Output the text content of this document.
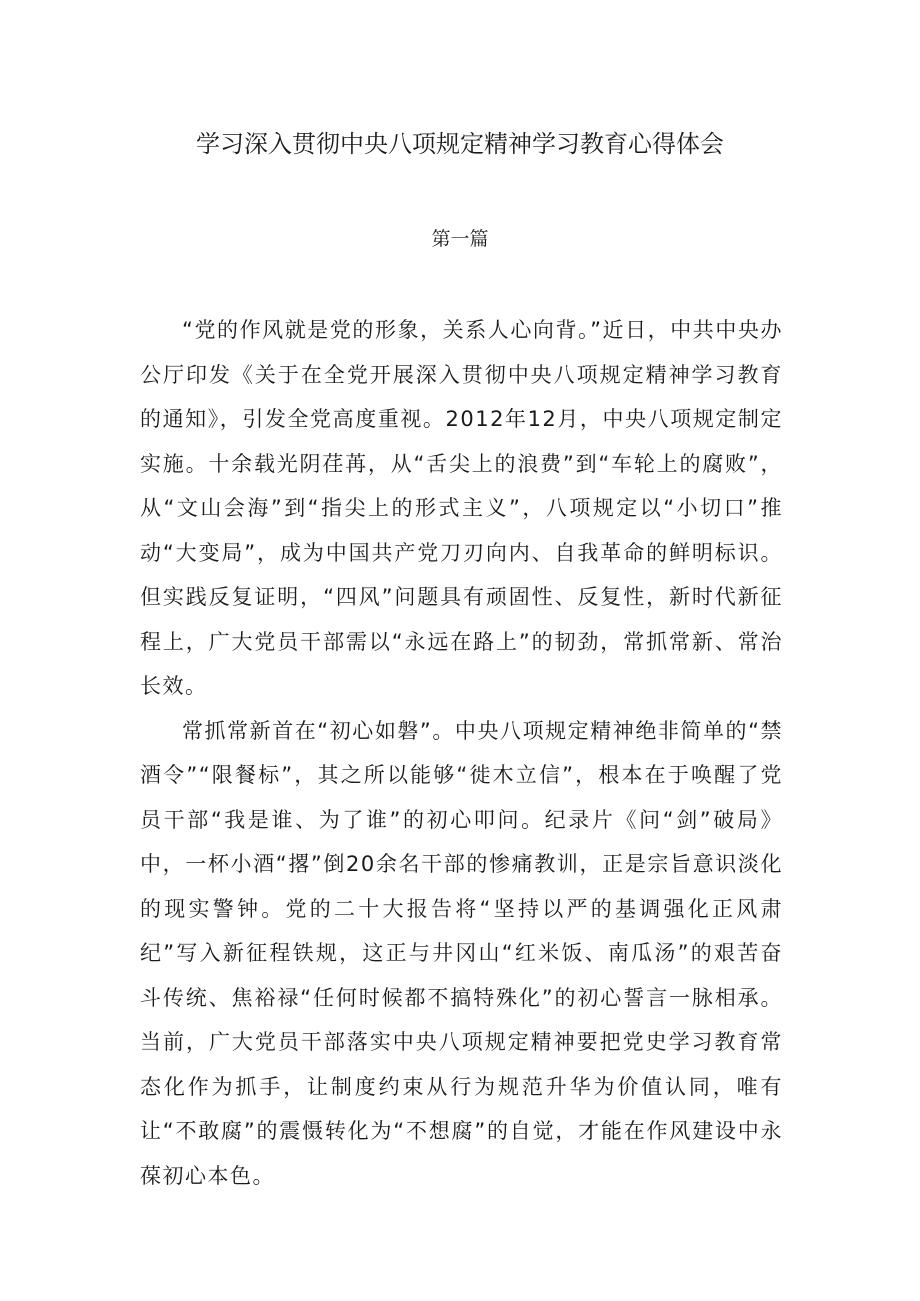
学习深入贯彻中央八项规定精神学习教育心得体会
第一篇

“党的作风就是党的形象，关系人心向背。”近日，中共中央办公厅印发《关于在全党开展深入贯彻中央八项规定精神学习教育的通知》，引发全党高度重视。2012年12月，中央八项规定制定实施。十余载光阴荏苒，从“舌尖上的浪费”到“车轮上的腐败”，从“文山会海”到“指尖上的形式主义”，八项规定以“小切口”推动“大变局”，成为中国共产党刀刃向内、自我革命的鲜明标识。但实践反复证明，“四风”问题具有顽固性、反复性，新时代新征程上，广大党员干部需以“永远在路上”的韧劲，常抓常新、常治长效。

常抓常新首在“初心如磐”。中央八项规定精神绝非简单的“禁酒令”“限餐标”，其之所以能够“徙木立信”，根本在于唤醒了党员干部“我是谁、为了谁”的初心叩问。纪录片《问“剑”破局》中，一杯小酒“撂”倒20余名干部的惨痛教训，正是宗旨意识淡化的现实警钟。党的二十大报告将“坚持以严的基调强化正风肃纪”写入新征程铁规，这正与井冈山“红米饭、南瓜汤”的艰苦奋斗传统、焦裕禄“任何时候都不搞特殊化”的初心誓言一脉相承。当前，广大党员干部落实中央八项规定精神要把党史学习教育常态化作为抓手，让制度约束从行为规范升华为价值认同，唯有让“不敢腐”的震慑转化为“不想腐”的自觉，才能在作风建设中永葆初心本色。
